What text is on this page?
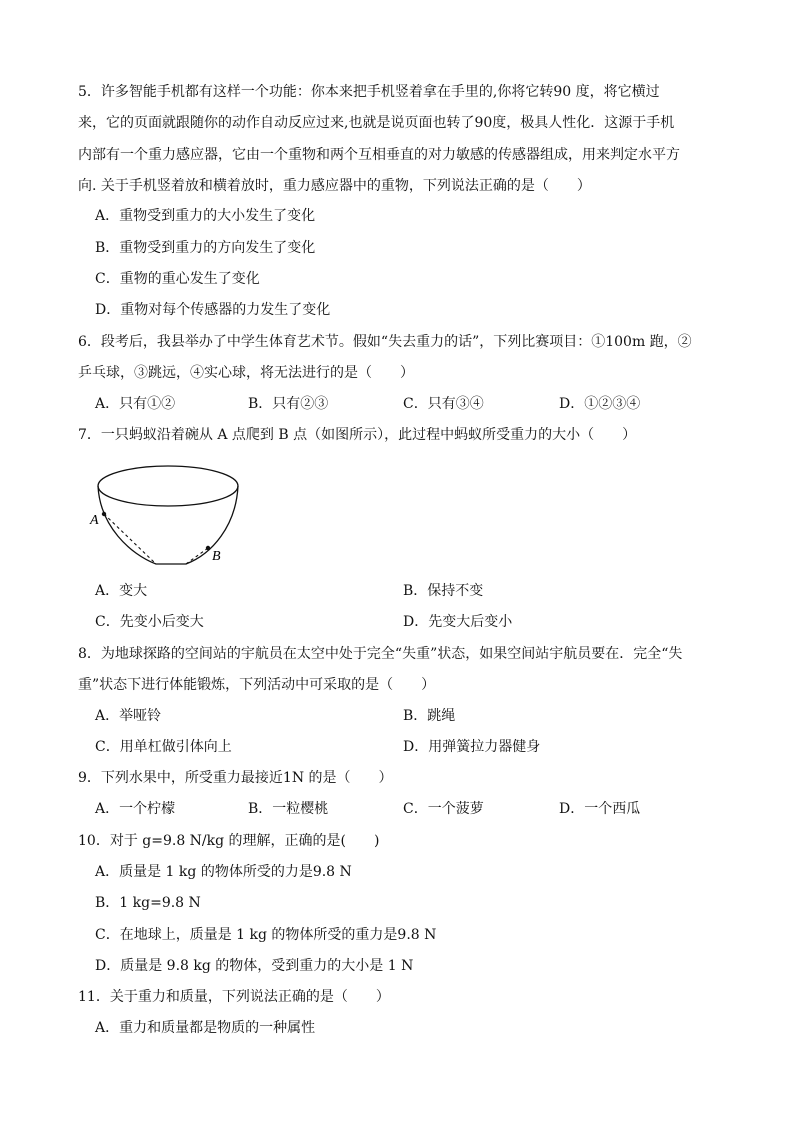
5．许多智能手机都有这样一个功能：你本来把手机竖着拿在手里的,你将它转90 度，将它横过
来，它的页面就跟随你的动作自动反应过来,也就是说页面也转了90度，极具人性化．这源于手机
内部有一个重力感应器，它由一个重物和两个互相垂直的对力敏感的传感器组成，用来判定水平方
向. 关于手机竖着放和横着放时，重力感应器中的重物，下列说法正确的是（　　）
A．重物受到重力的大小发生了变化
B．重物受到重力的方向发生了变化
C．重物的重心发生了变化
D．重物对每个传感器的力发生了变化
6．段考后，我县举办了中学生体育艺术节。假如“失去重力的话”，下列比赛项目：①100m 跑，②
乒乓球，③跳远，④实心球，将无法进行的是（　　）
A．只有①②	B．只有②③	C．只有③④	D．①②③④
7．一只蚂蚁沿着碗从 A 点爬到 B 点（如图所示），此过程中蚂蚁所受重力的大小（　　）
A
B
A．变大	B．保持不变
C．先变小后变大	D．先变大后变小
8．为地球探路的空间站的宇航员在太空中处于完全“失重”状态，如果空间站宇航员要在．完全“失
重”状态下进行体能锻炼，下列活动中可采取的是（　　）
A．举哑铃	B．跳绳
C．用单杠做引体向上	D．用弹簧拉力器健身
9．下列水果中，所受重力最接近1N 的是（　　）
A．一个柠檬	B．一粒樱桃	C．一个菠萝	D．一个西瓜
10．对于 g=9.8 N/kg 的理解，正确的是(　　)
A．质量是 1 kg 的物体所受的力是9.8 N
B．1 kg=9.8 N
C．在地球上，质量是 1 kg 的物体所受的重力是9.8 N
D．质量是 9.8 kg 的物体，受到重力的大小是 1 N
11．关于重力和质量，下列说法正确的是（　　）
A．重力和质量都是物质的一种属性
